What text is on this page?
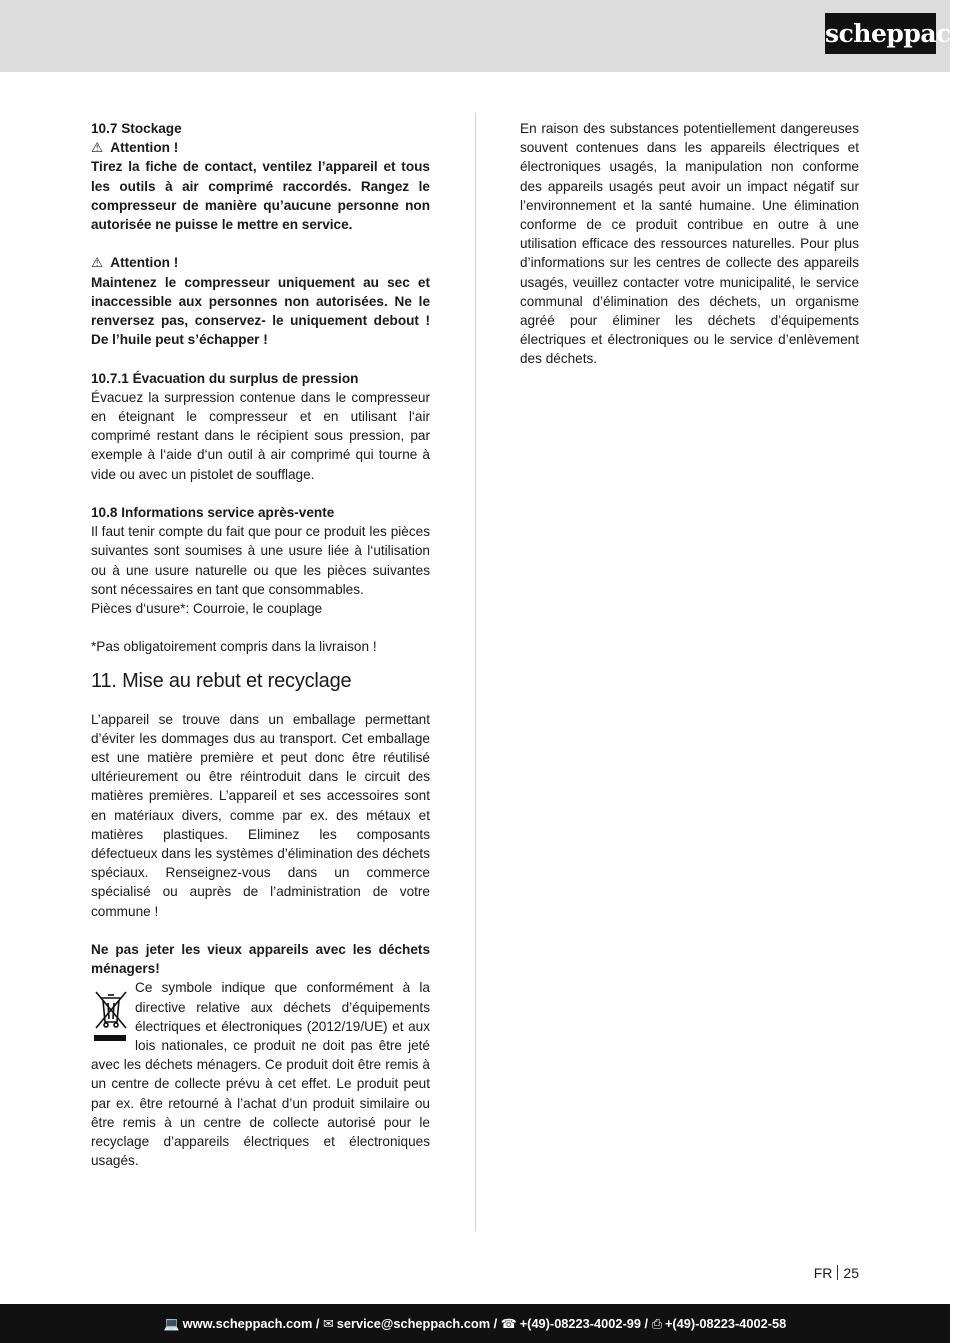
scheppach

10.7 Stockage

⚠ Attention !

Tirez la fiche de contact, ventilez l’appareil et tous les outils à air comprimé raccordés. Rangez le compresseur de manière qu’aucune personne non autorisée ne puisse le mettre en service.

⚠ Attention !

Maintenez le compresseur uniquement au sec et inaccessible aux personnes non autorisées. Ne le renversez pas, conservez- le uniquement debout ! De l’huile peut s’échapper !

10.7.1 Évacuation du surplus de pression

Évacuez la surpression contenue dans le compresseur en éteignant le compresseur et en utilisant l‘air comprimé restant dans le récipient sous pression, par exemple à l‘aide d‘un outil à air comprimé qui tourne à vide ou avec un pistolet de soufflage.

10.8 Informations service après-vente

Il faut tenir compte du fait que pour ce produit les pièces suivantes sont soumises à une usure liée à l‘utilisation ou à une usure naturelle ou que les pièces suivantes sont nécessaires en tant que consommables.

Pièces d‘usure*: Courroie, le couplage

*Pas obligatoirement compris dans la livraison !

11. Mise au rebut et recyclage

L’appareil se trouve dans un emballage permettant d’éviter les dommages dus au transport. Cet emballage est une matière première et peut donc être réutilisé ultérieurement ou être réintroduit dans le circuit des matières premières. L’appareil et ses accessoires sont en matériaux divers, comme par ex. des métaux et matières plastiques. Eliminez les composants défectueux dans les systèmes d’élimination des déchets spéciaux. Renseignez-vous dans un commerce spécialisé ou auprès de l’administration de votre commune !

Ne pas jeter les vieux appareils avec les déchets ménagers!

Ce symbole indique que conformément à la directive relative aux déchets d’équipements électriques et électroniques (2012/19/UE) et aux lois nationales, ce produit ne doit pas être jeté avec les déchets ménagers. Ce produit doit être remis à un centre de collecte prévu à cet effet. Le produit peut par ex. être retourné à l’achat d’un produit similaire ou être remis à un centre de collecte autorisé pour le recyclage d’appareils électriques et électroniques usagés.

En raison des substances potentiellement dangereuses souvent contenues dans les appareils électriques et électroniques usagés, la manipulation non conforme des appareils usagés peut avoir un impact négatif sur l’environnement et la santé humaine. Une élimination conforme de ce produit contribue en outre à une utilisation efficace des ressources naturelles. Pour plus d’informations sur les centres de collecte des appareils usagés, veuillez contacter votre municipalité, le service communal d’élimination des déchets, un organisme agréé pour éliminer les déchets d’équipements électriques et électroniques ou le service d’enlèvement des déchets.

FR 25
💻 www.scheppach.com / ✉ service@scheppach.com / ☎ +(49)-08223-4002-99 / ⎙ +(49)-08223-4002-58
